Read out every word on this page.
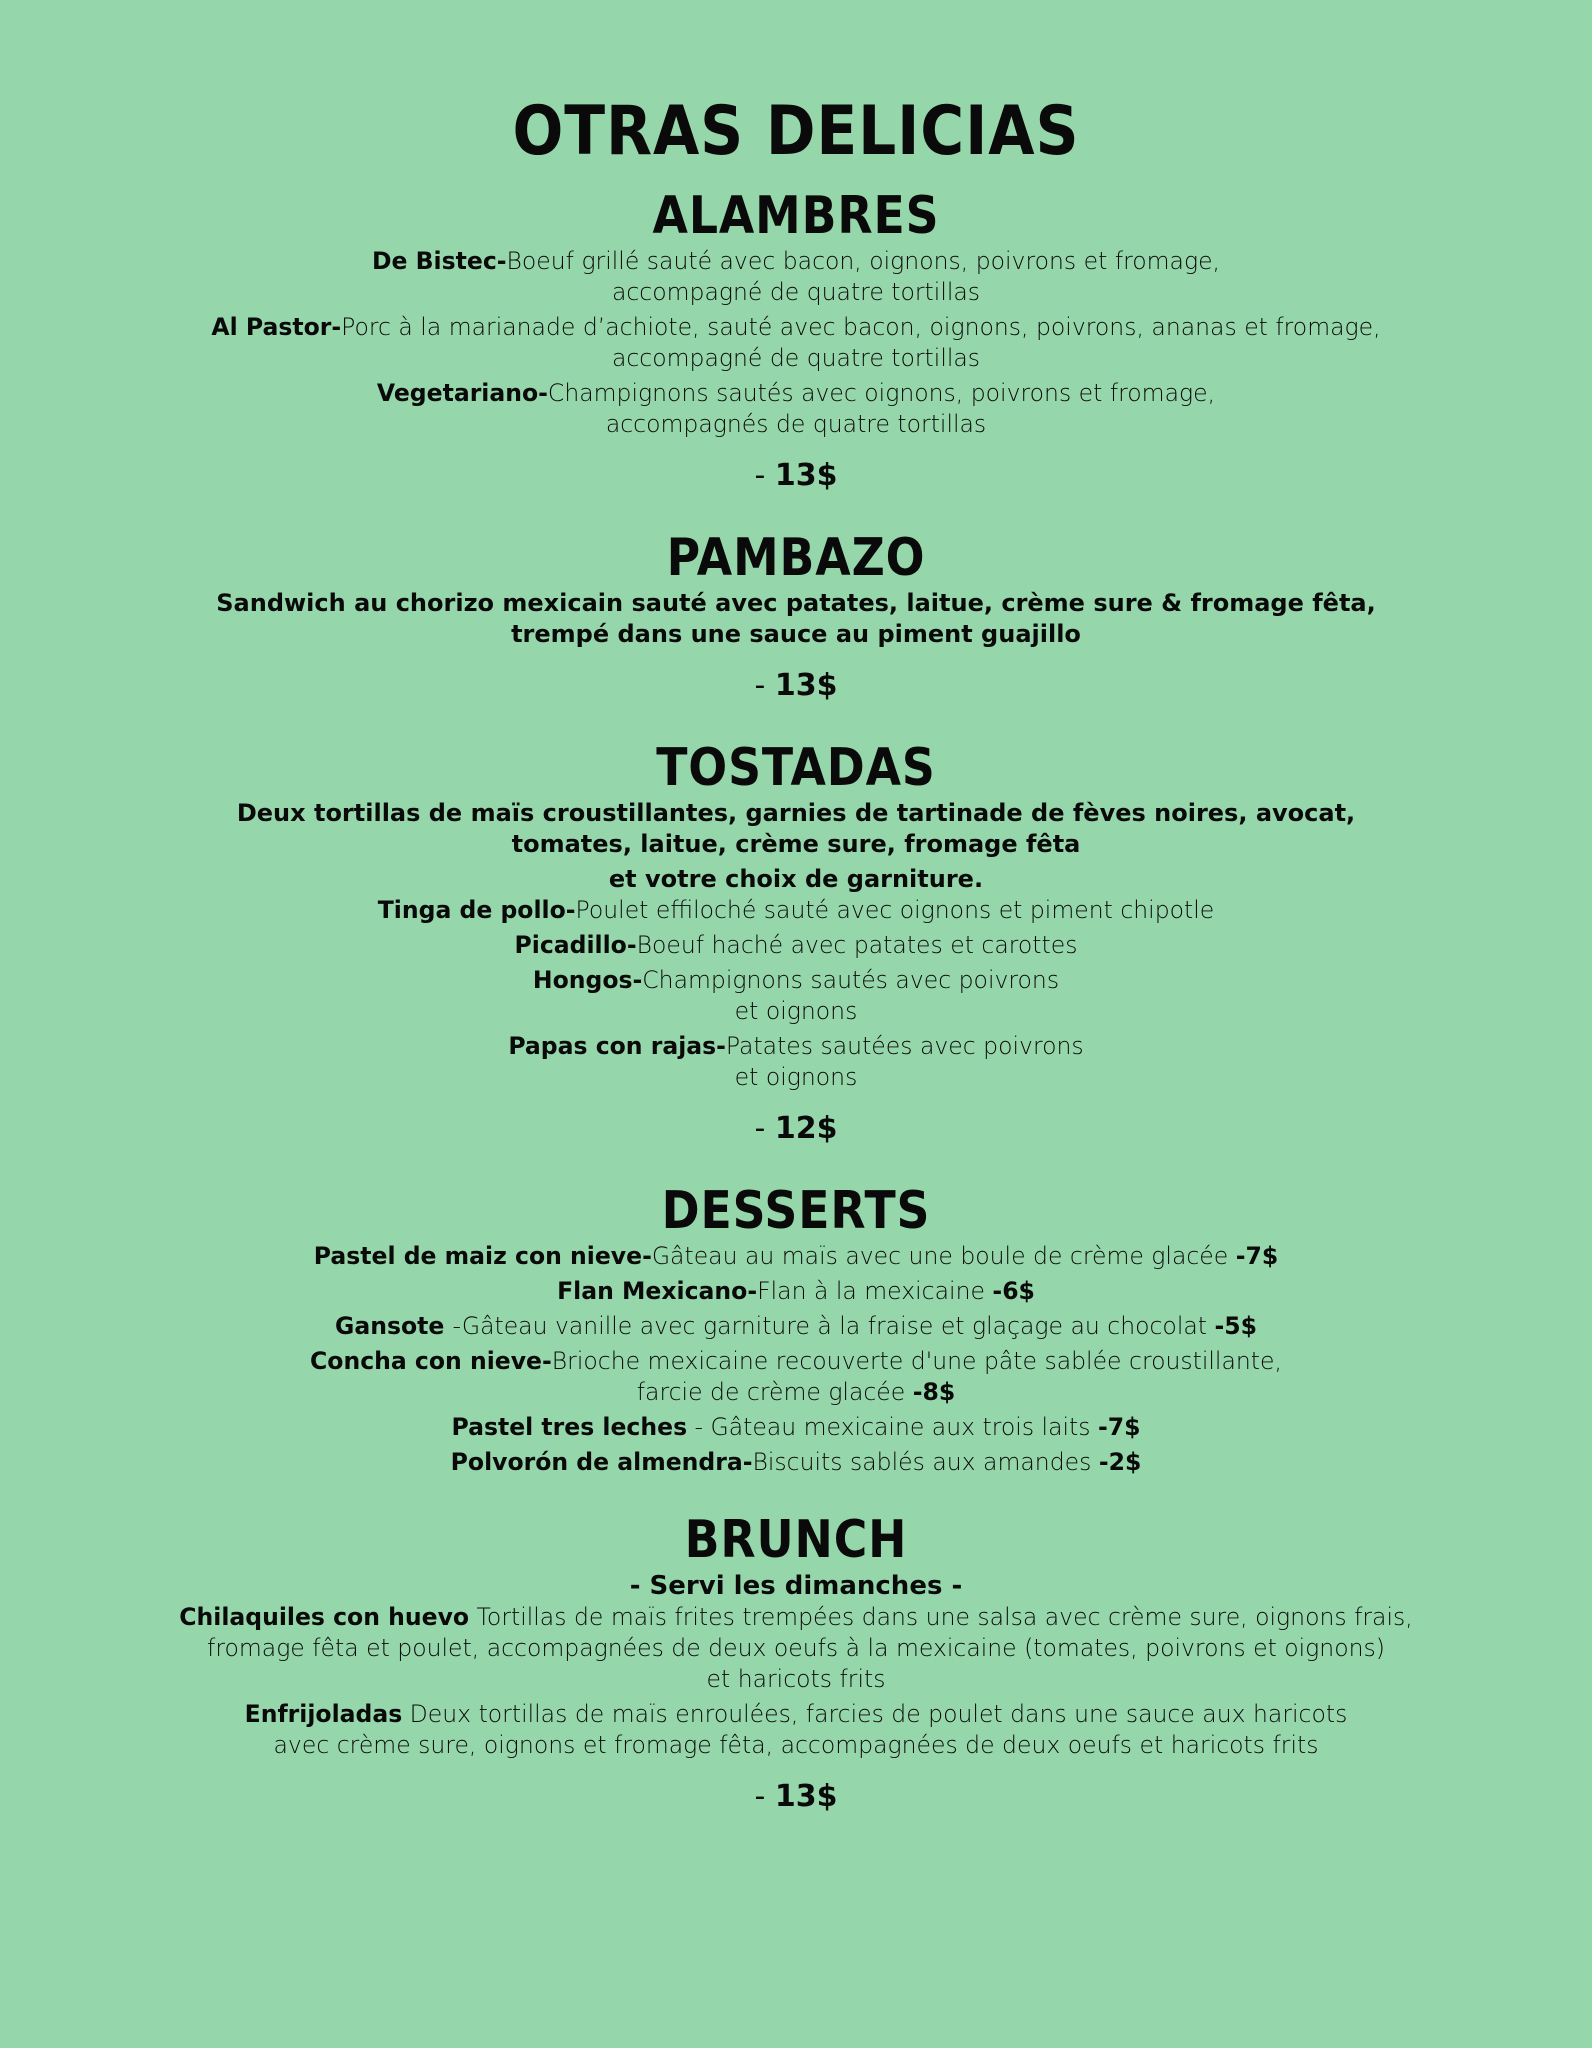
OTRAS DELICIAS
ALAMBRES

De Bistec-Boeuf grillé sauté avec bacon, oignons, poivrons et fromage,

accompagné de quatre tortillas

Al Pastor-Porc à la marianade d’achiote, sauté avec bacon, oignons, poivrons, ananas et fromage,

accompagné de quatre tortillas

Vegetariano-Champignons sautés avec oignons, poivrons et fromage,

accompagnés de quatre tortillas

- 13$

PAMBAZO

Sandwich au chorizo mexicain sauté avec patates, laitue, crème sure & fromage fêta,

trempé dans une sauce au piment guajillo

- 13$

TOSTADAS

Deux tortillas de maïs croustillantes, garnies de tartinade de fèves noires, avocat,

tomates, laitue, crème sure, fromage fêta

et votre choix de garniture.

Tinga de pollo-Poulet effiloché sauté avec oignons et piment chipotle

Picadillo-Boeuf haché avec patates et carottes

Hongos-Champignons sautés avec poivrons

et oignons

Papas con rajas-Patates sautées avec poivrons

et oignons

- 12$

DESSERTS

Pastel de maiz con nieve-Gâteau au maïs avec une boule de crème glacée -7$

Flan Mexicano-Flan à la mexicaine -6$

Gansote -Gâteau vanille avec garniture à la fraise et glaçage au chocolat -5$

Concha con nieve-Brioche mexicaine recouverte d'une pâte sablée croustillante,

farcie de crème glacée -8$

Pastel tres leches - Gâteau mexicaine aux trois laits -7$

Polvorón de almendra-Biscuits sablés aux amandes -2$

BRUNCH

- Servi les dimanches -

Chilaquiles con huevo Tortillas de maïs frites trempées dans une salsa avec crème sure, oignons frais,

fromage fêta et poulet, accompagnées de deux oeufs à la mexicaine (tomates, poivrons et oignons)

et haricots frits

Enfrijoladas Deux tortillas de maïs enroulées, farcies de poulet dans une sauce aux haricots

avec crème sure, oignons et fromage fêta, accompagnées de deux oeufs et haricots frits

- 13$
